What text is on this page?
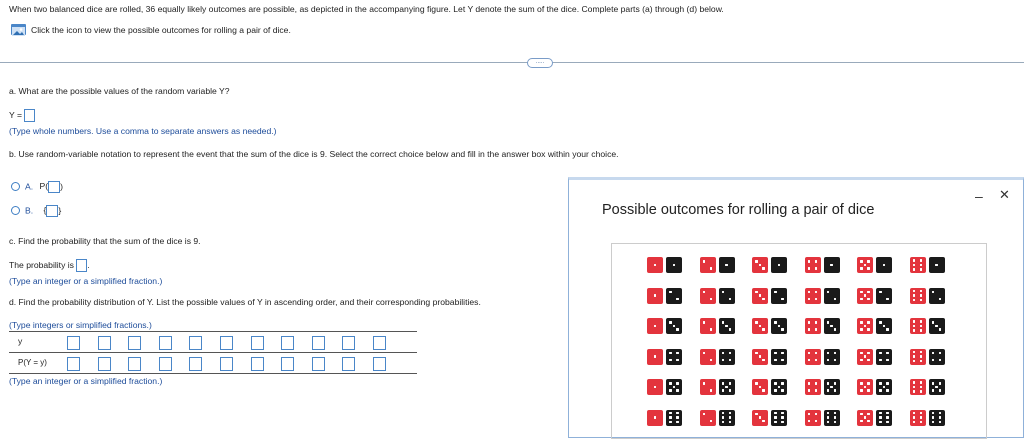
When two balanced dice are rolled, 36 equally likely outcomes are possible, as depicted in the accompanying figure. Let Y denote the sum of the dice. Complete parts (a) through (d) below.
Click the icon to view the possible outcomes for rolling a pair of dice.
.....
a. What are the possible values of the random variable Y?
Y =
(Type whole numbers. Use a comma to separate answers as needed.)
b. Use random-variable notation to represent the event that the sum of the dice is 9. Select the correct choice below and fill in the answer box within your choice.
A. P( )
B. { }
c. Find the probability that the sum of the dice is 9.
The probability is .
(Type an integer or a simplified fraction.)
d. Find the probability distribution of Y. List the possible values of Y in ascending order, and their corresponding probabilities.
(Type integers or simplified fractions.)
y
P(Y = y)
(Type an integer or a simplified fraction.)
Possible outcomes for rolling a pair of dice
– ✕
